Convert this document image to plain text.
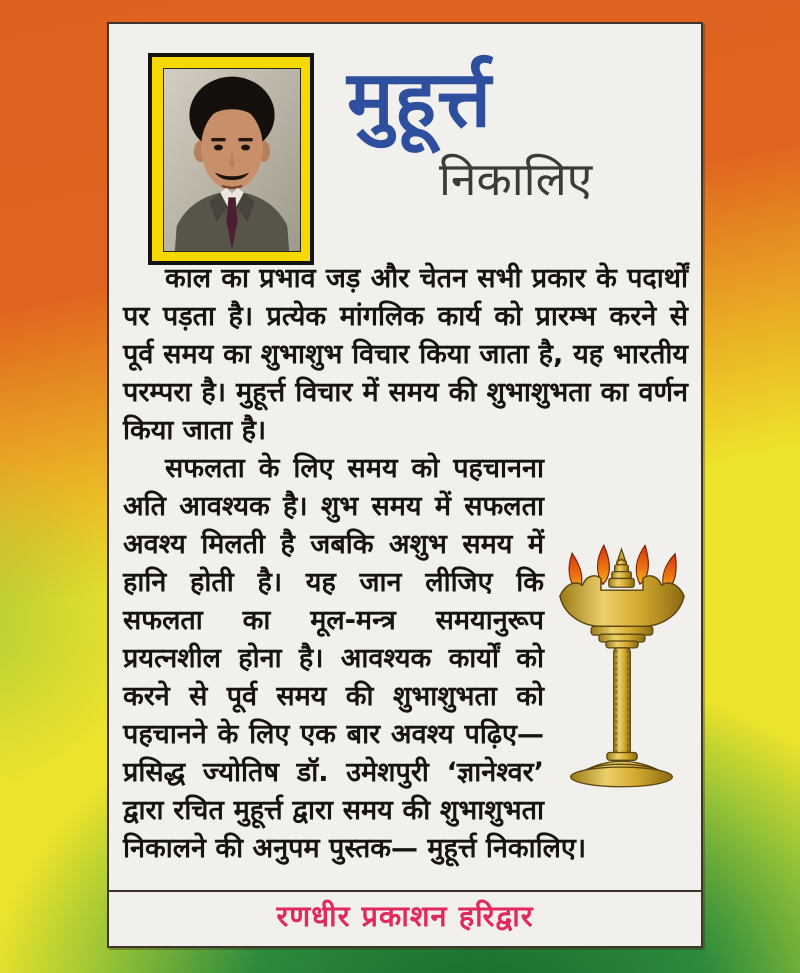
मुहूर्त्त
निकालिए

काल का प्रभाव जड़ और चेतन सभी प्रकार के पदार्थों पर पड़ता है। प्रत्येक मांगलिक कार्य को प्रारम्भ करने से पूर्व समय का शुभाशुभ विचार किया जाता है, यह भारतीय परम्परा है। मुहूर्त्त विचार में समय की शुभाशुभता का वर्णन किया जाता है।

सफलता के लिए समय को पहचानना अति आवश्यक है। शुभ समय में सफलता अवश्य मिलती है जबकि अशुभ समय में हानि होती है। यह जान लीजिए कि सफलता का मूल-मन्त्र समयानुरूप प्रयत्नशील होना है। आवश्यक कार्यों को करने से पूर्व समय की शुभाशुभता को पहचानने के लिए एक बार अवश्य पढ़िए—प्रसिद्ध ज्योतिष डॉ. उमेशपुरी ‘ज्ञानेश्वर’ द्वारा रचित मुहूर्त्त द्वारा समय की शुभाशुभता निकालने की अनुपम पुस्तक— मुहूर्त्त निकालिए।

रणधीर प्रकाशन हरिद्वार
